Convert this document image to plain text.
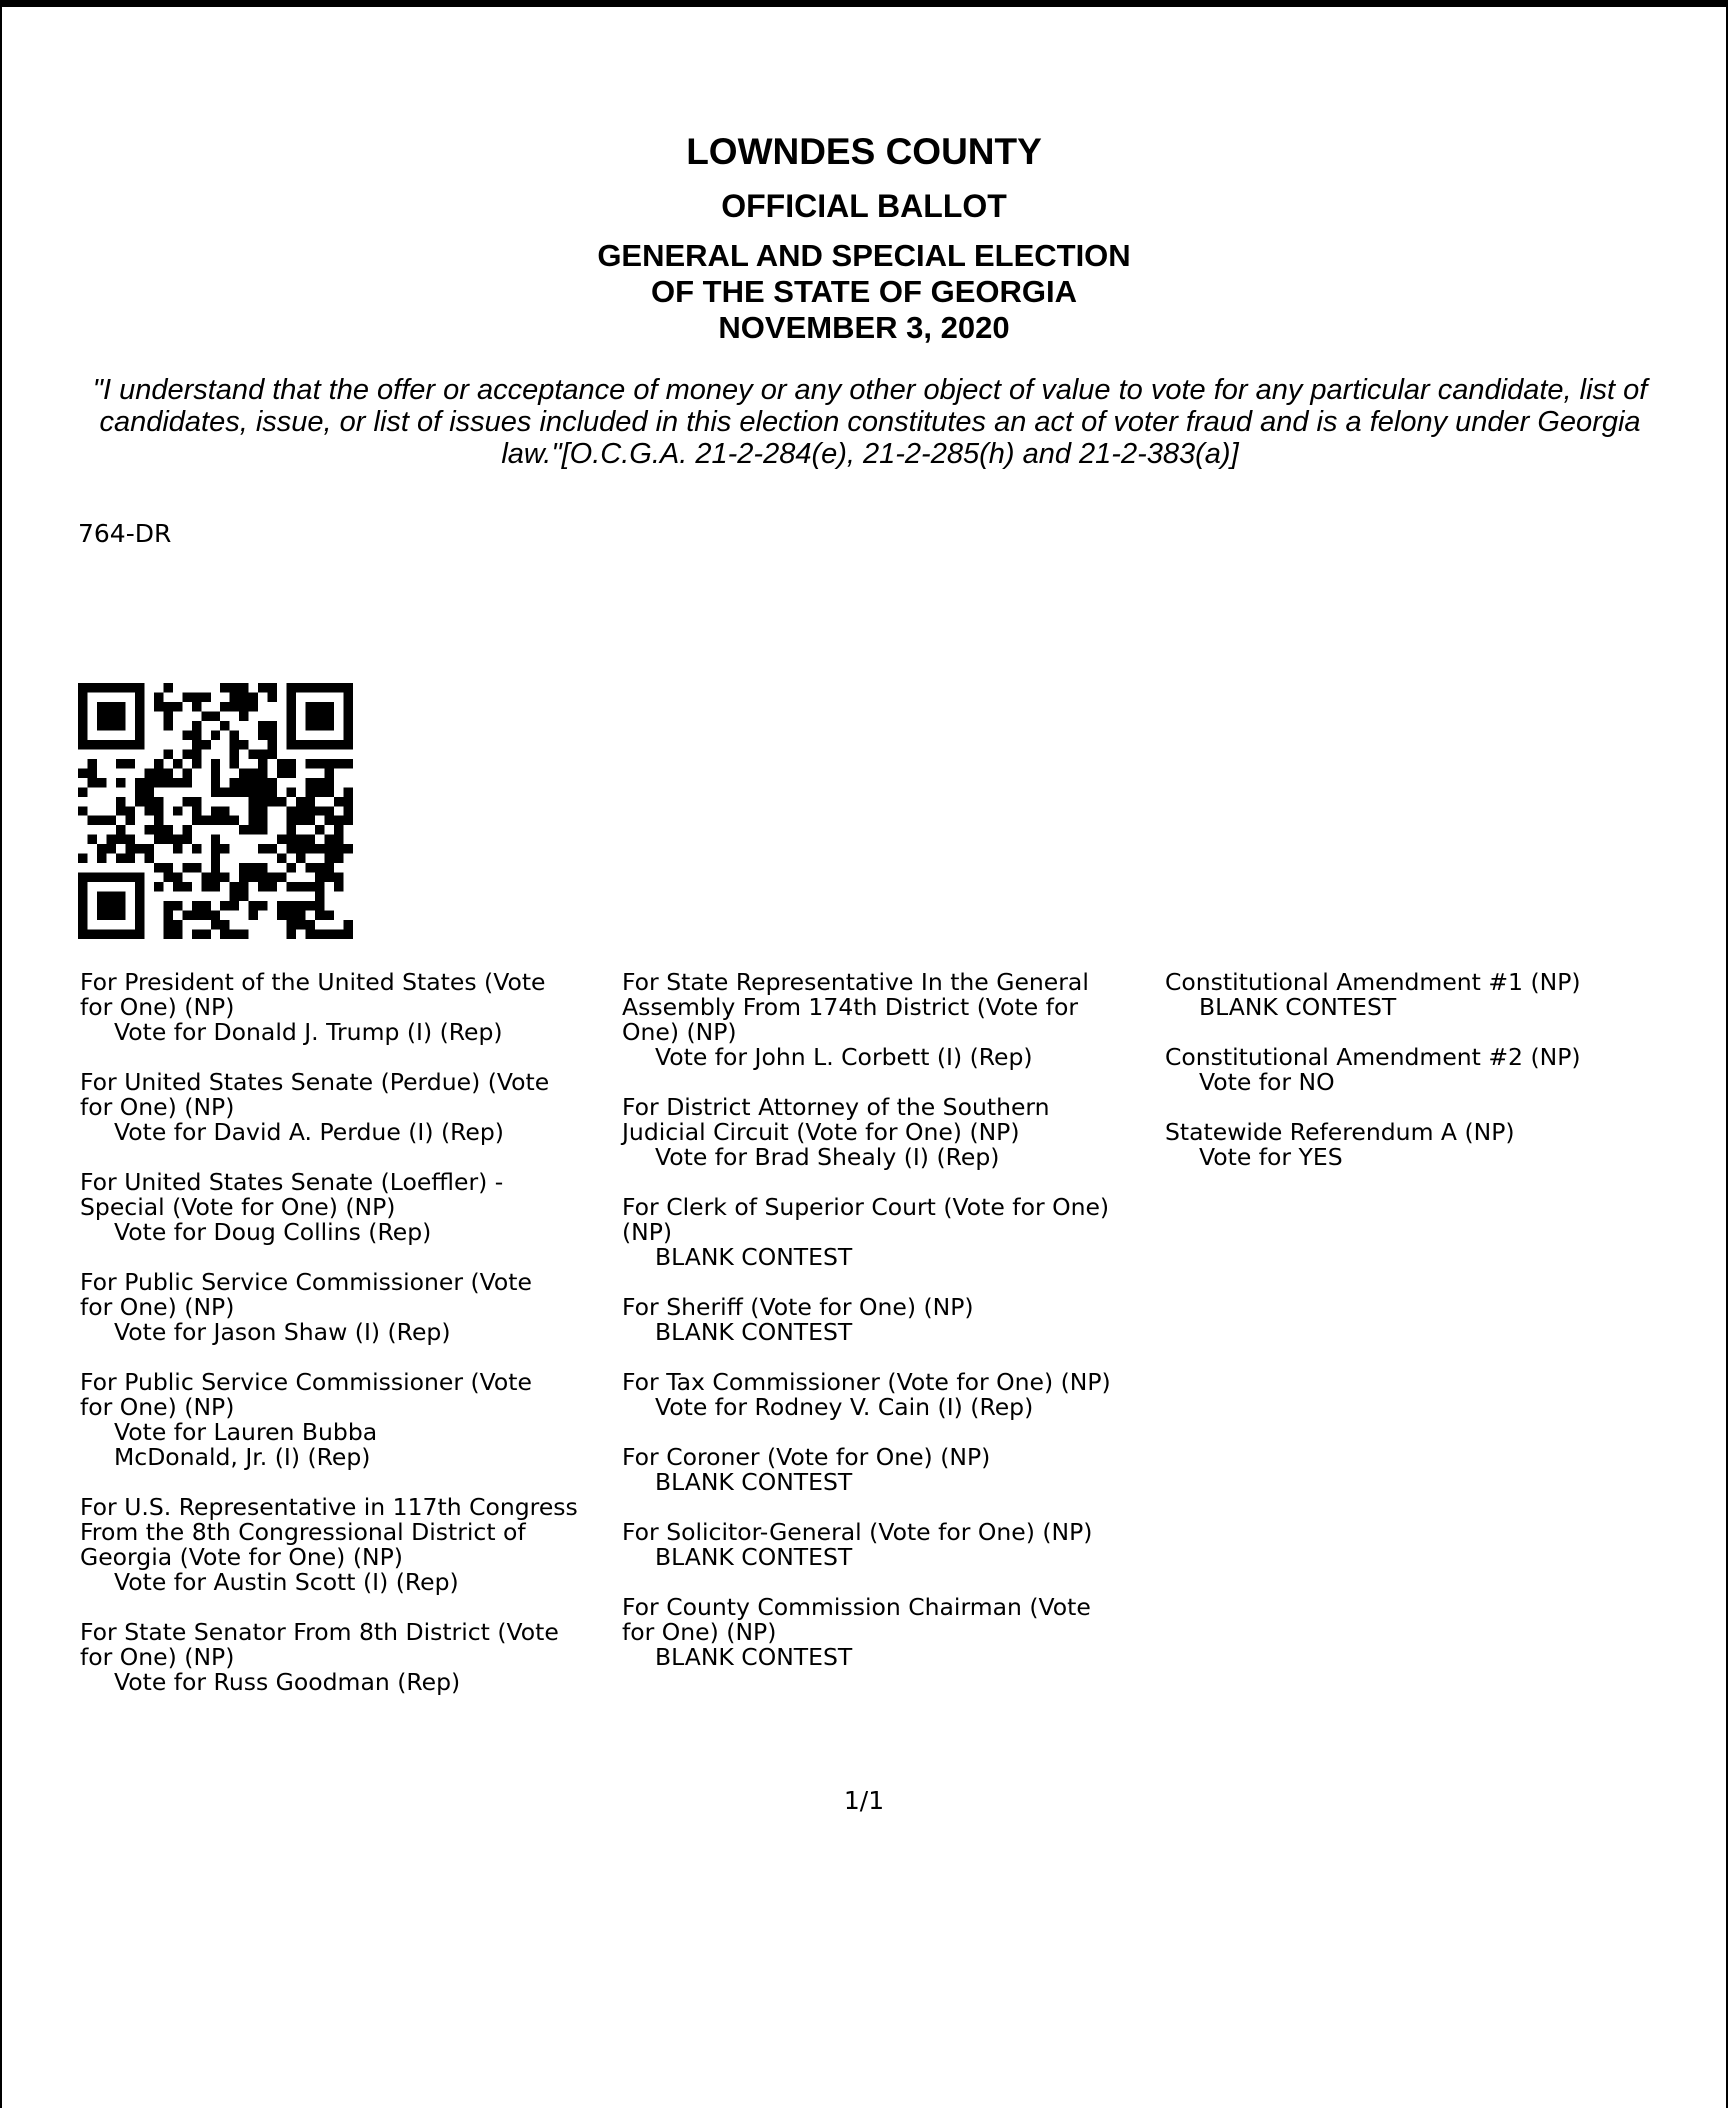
LOWNDES COUNTY
OFFICIAL BALLOT
GENERAL AND SPECIAL ELECTION
OF THE STATE OF GEORGIA
NOVEMBER 3, 2020
"I understand that the offer or acceptance of money or any other object of value to vote for any particular candidate, list of candidates, issue, or list of issues included in this election constitutes an act of voter fraud and is a felony under Georgia law."[O.C.G.A. 21-2-284(e), 21-2-285(h) and 21-2-383(a)]
764-DR
For President of the United States (Vote
for One) (NP)
Vote for Donald J. Trump (I) (Rep)
For United States Senate (Perdue) (Vote
for One) (NP)
Vote for David A. Perdue (I) (Rep)
For United States Senate (Loeffler) -
Special (Vote for One) (NP)
Vote for Doug Collins (Rep)
For Public Service Commissioner (Vote
for One) (NP)
Vote for Jason Shaw (I) (Rep)
For Public Service Commissioner (Vote
for One) (NP)
Vote for Lauren Bubba
McDonald, Jr. (I) (Rep)
For U.S. Representative in 117th Congress
From the 8th Congressional District of
Georgia (Vote for One) (NP)
Vote for Austin Scott (I) (Rep)
For State Senator From 8th District (Vote
for One) (NP)
Vote for Russ Goodman (Rep)
For State Representative In the General
Assembly From 174th District (Vote for
One) (NP)
Vote for John L. Corbett (I) (Rep)
For District Attorney of the Southern
Judicial Circuit (Vote for One) (NP)
Vote for Brad Shealy (I) (Rep)
For Clerk of Superior Court (Vote for One)
(NP)
BLANK CONTEST
For Sheriff (Vote for One) (NP)
BLANK CONTEST
For Tax Commissioner (Vote for One) (NP)
Vote for Rodney V. Cain (I) (Rep)
For Coroner (Vote for One) (NP)
BLANK CONTEST
For Solicitor-General (Vote for One) (NP)
BLANK CONTEST
For County Commission Chairman (Vote
for One) (NP)
BLANK CONTEST
Constitutional Amendment #1 (NP)
BLANK CONTEST
Constitutional Amendment #2 (NP)
Vote for NO
Statewide Referendum A (NP)
Vote for YES
1/1
